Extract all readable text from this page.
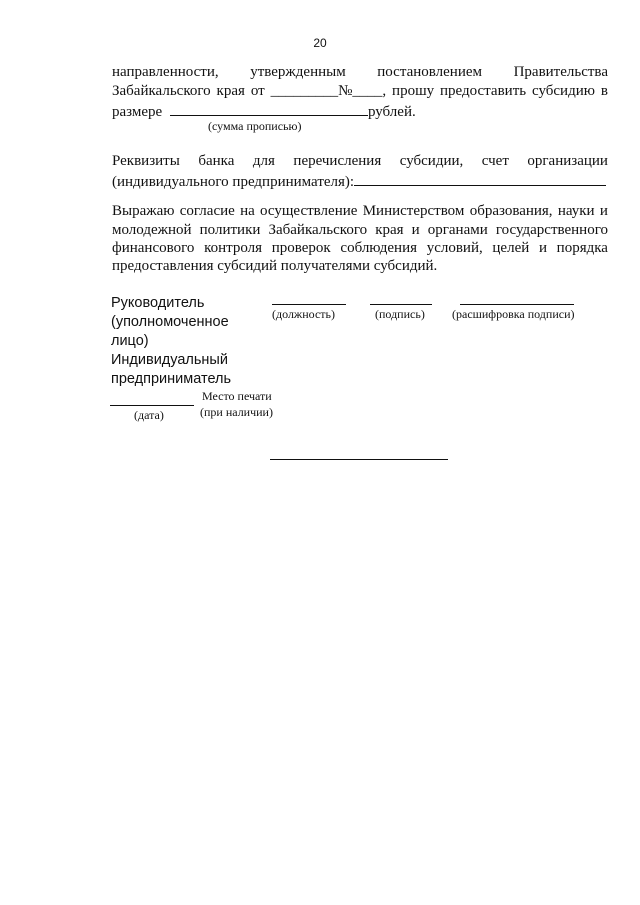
20
направленности, утвержденным постановлением Правительства
Забайкальского края от _________№____, прошу предоставить субсидию в
размере	рублей.
(сумма прописью)
Реквизиты банка для перечисления субсидии, счет организации
(индивидуального предпринимателя):
Выражаю согласие на осуществление Министерством образования, науки и
молодежной политики Забайкальского края и органами государственного
финансового контроля проверок соблюдения условий, целей и порядка
предоставления субсидий получателями субсидий.
Руководитель
(уполномоченное
лицо)
Индивидуальный
предприниматель
(должность)	(подпись) (расшифровка подписи)
(дата)
Место печати
(при наличии)
